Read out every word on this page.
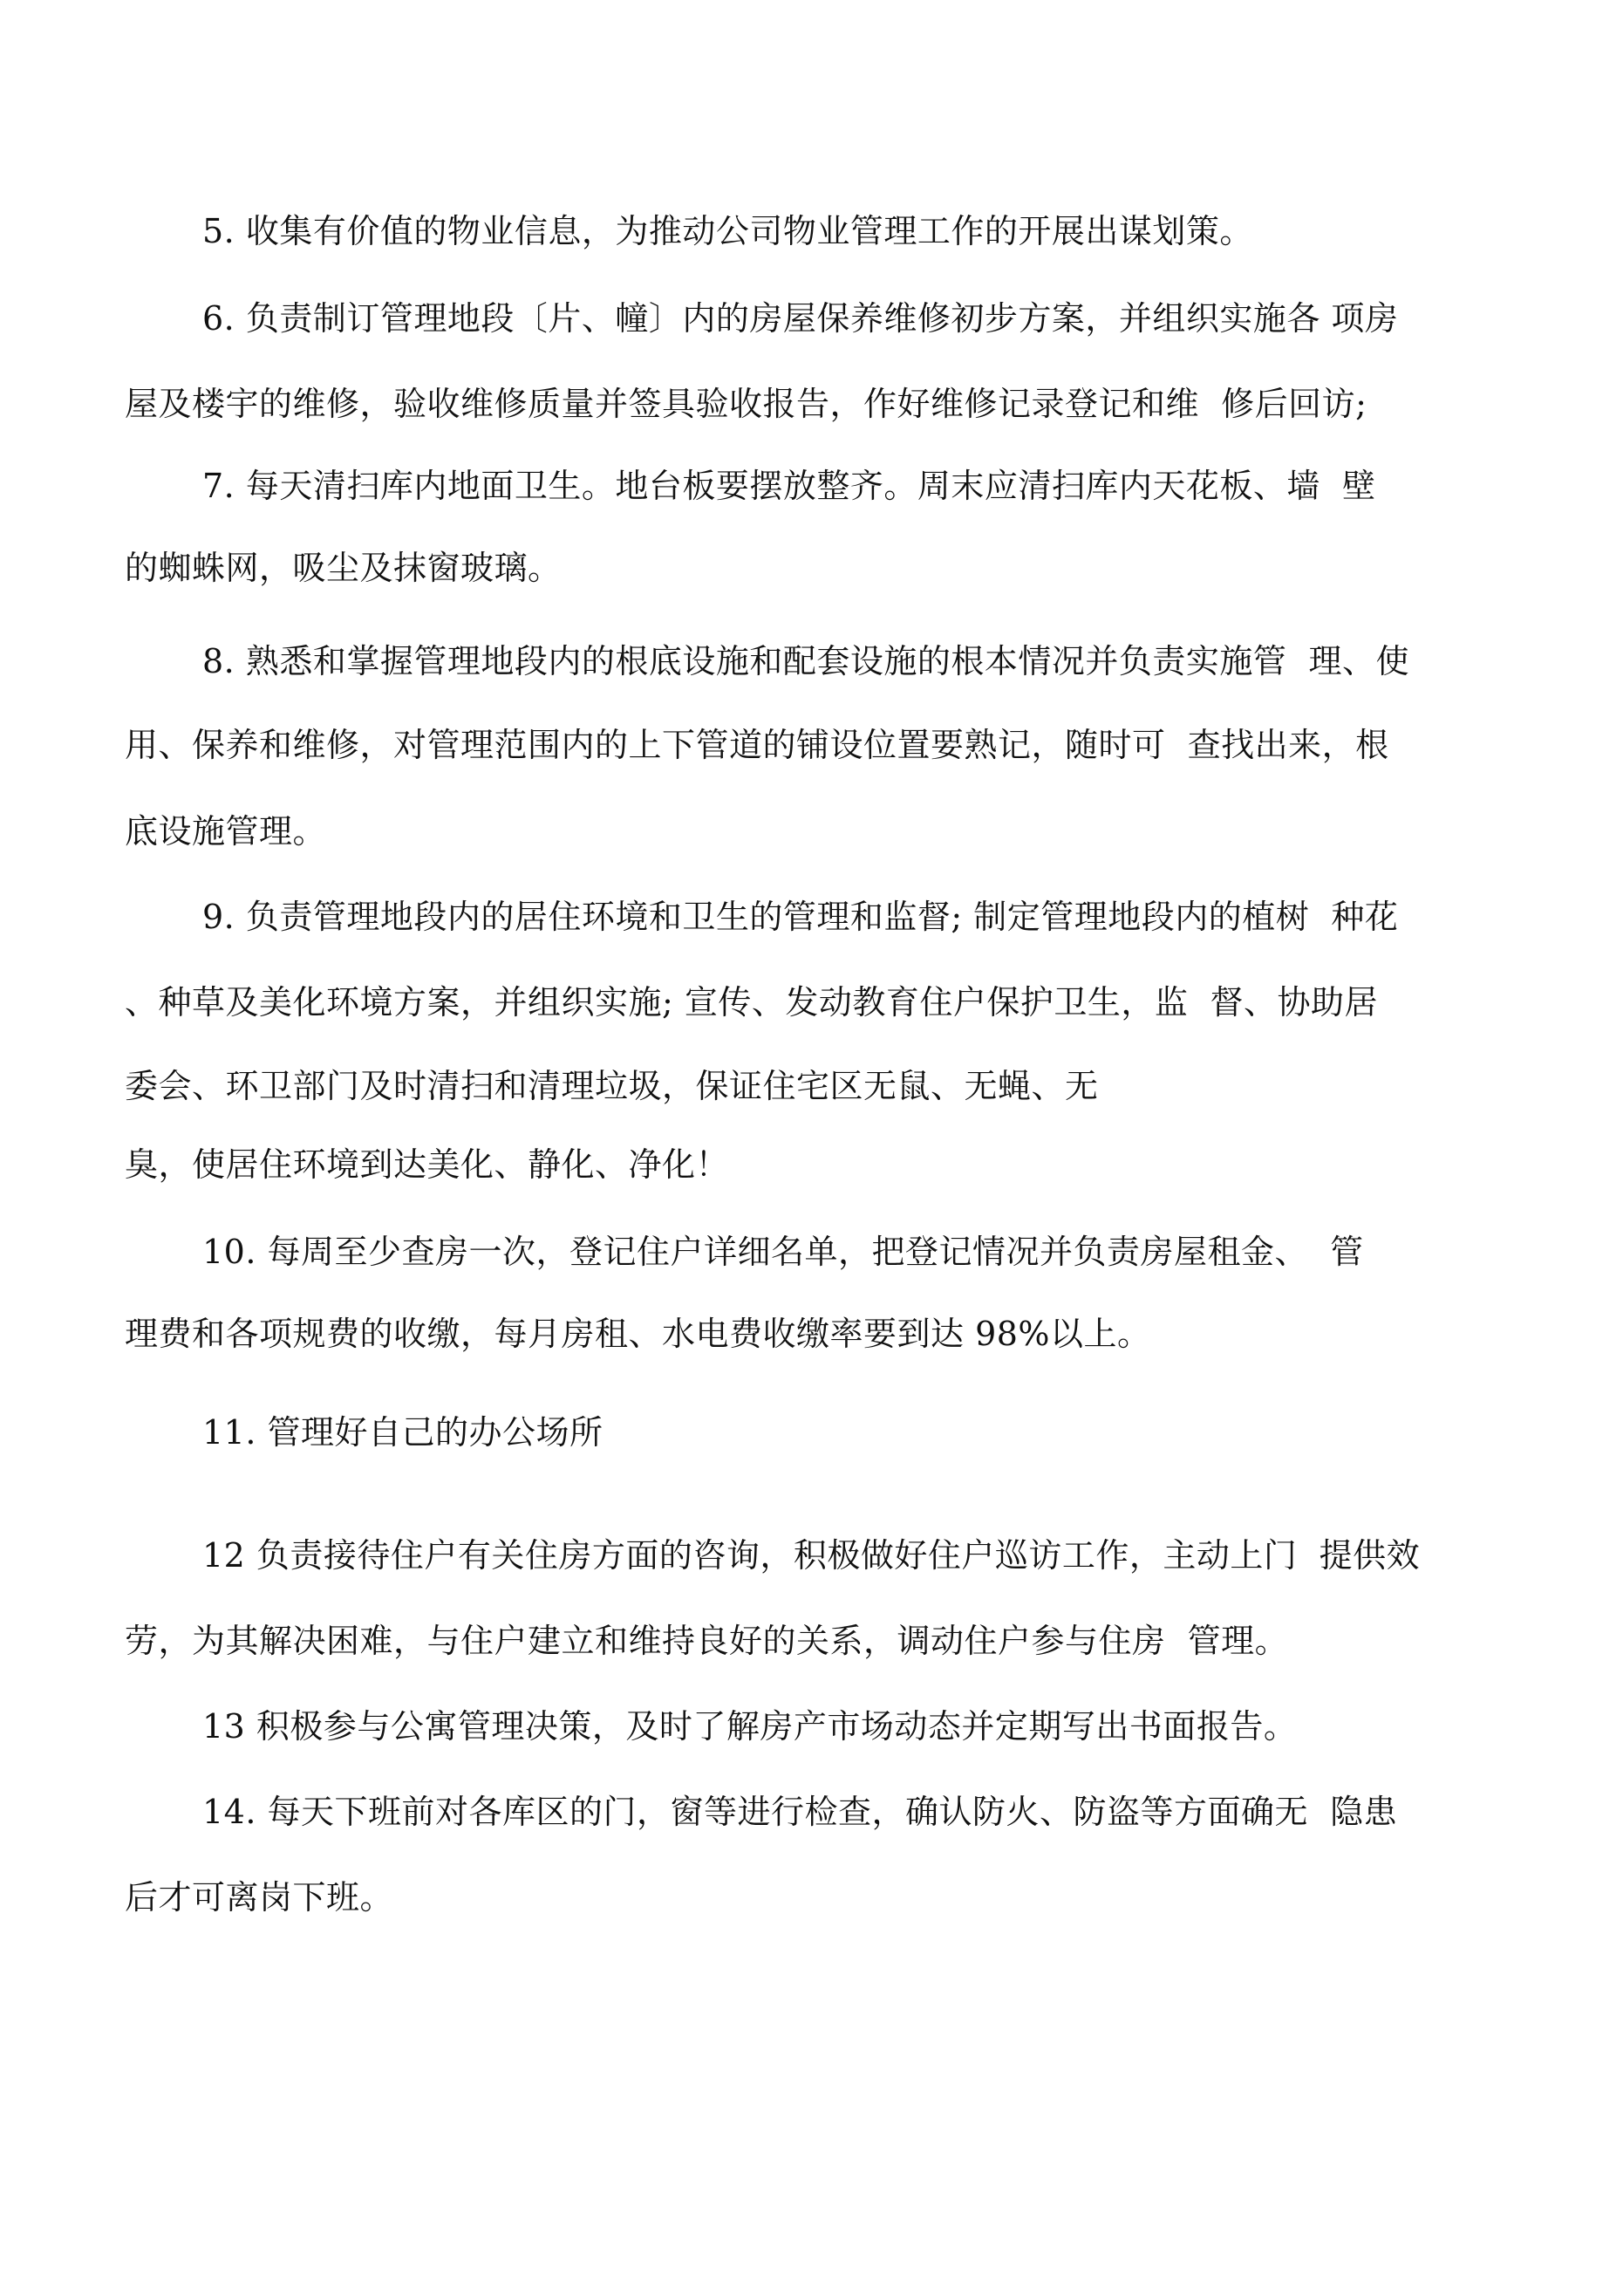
5. 收集有价值的物业信息，为推动公司物业管理工作的开展出谋划策。
6. 负责制订管理地段〔片、幢〕内的房屋保养维修初步方案，并组织实施各 项房
屋及楼宇的维修，验收维修质量并签具验收报告，作好维修记录登记和维  修后回访;
7. 每天清扫库内地面卫生。地台板要摆放整齐。周末应清扫库内天花板、墙  壁
的蜘蛛网，吸尘及抹窗玻璃。
8. 熟悉和掌握管理地段内的根底设施和配套设施的根本情况并负责实施管  理、使
用、保养和维修，对管理范围内的上下管道的铺设位置要熟记，随时可  查找出来，根
底设施管理。
9. 负责管理地段内的居住环境和卫生的管理和监督; 制定管理地段内的植树  种花
、种草及美化环境方案，并组织实施; 宣传、发动教育住户保护卫生，监  督、协助居
委会、环卫部门及时清扫和清理垃圾，保证住宅区无鼠、无蝇、无
臭，使居住环境到达美化、静化、净化！
10. 每周至少查房一次，登记住户详细名单，把登记情况并负责房屋租金、  管
理费和各项规费的收缴，每月房租、水电费收缴率要到达 98%以上。
11. 管理好自己的办公场所
12 负责接待住户有关住房方面的咨询，积极做好住户巡访工作，主动上门  提供效
劳，为其解决困难，与住户建立和维持良好的关系，调动住户参与住房  管理。
13 积极参与公寓管理决策，及时了解房产市场动态并定期写出书面报告。
14. 每天下班前对各库区的门，窗等进行检查，确认防火、防盗等方面确无  隐患
后才可离岗下班。
